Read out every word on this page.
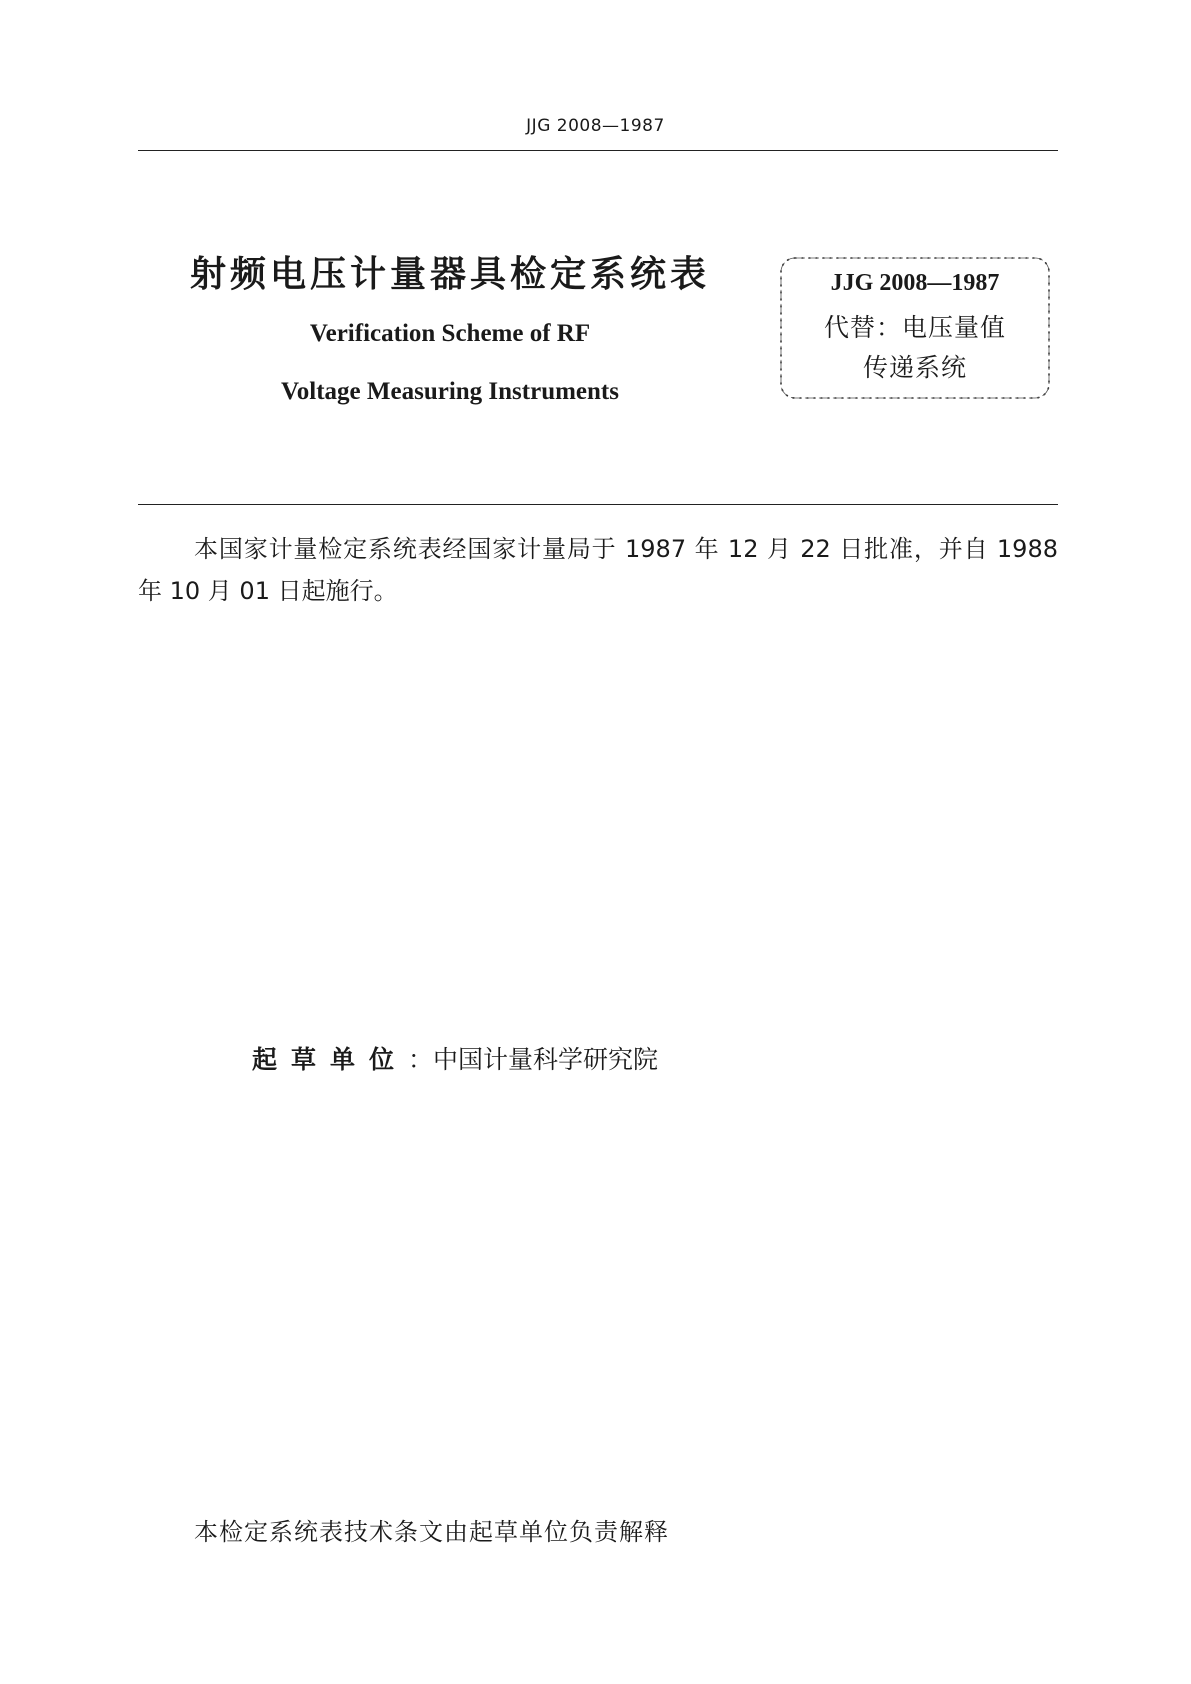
JJG 2008—1987
射频电压计量器具检定系统表
Verification Scheme of RF
Voltage Measuring Instruments
JJG 2008—1987
代替：电压量值
传递系统
本国家计量检定系统表经国家计量局于 1987 年 12 月 22 日批准，并自 1988 年 10 月 01 日起施行。
起草单位：中国计量科学研究院
本检定系统表技术条文由起草单位负责解释
